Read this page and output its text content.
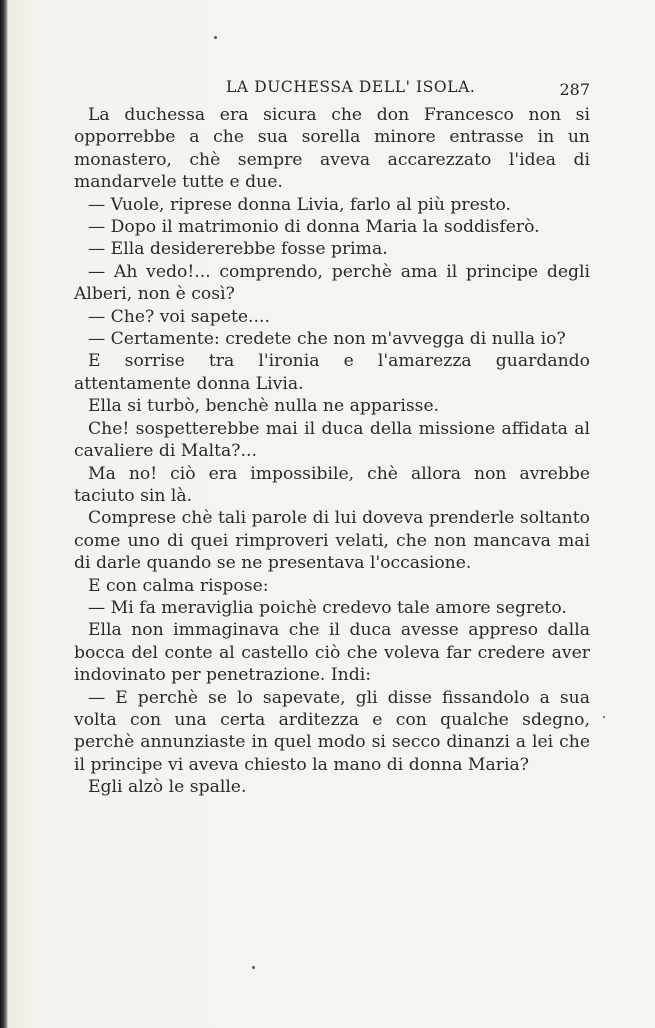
LA DUCHESSA DELL' ISOLA.	287

La duchessa era sicura che don Francesco non si opporrebbe a che sua sorella minore entrasse in un monastero, chè sempre aveva accarezzato l'idea di mandarvele tutte e due.

— Vuole, riprese donna Livia, farlo al più presto.

— Dopo il matrimonio di donna Maria la soddisferò.

— Ella desidererebbe fosse prima.

— Ah vedo!... comprendo, perchè ama il principe degli Alberi, non è così?

— Che? voi sapete....

— Certamente: credete che non m'avvegga di nulla io?

E sorrise tra l'ironia e l'amarezza guardando attentamente donna Livia.

Ella si turbò, benchè nulla ne apparisse.

Che! sospetterebbe mai il duca della missione affidata al cavaliere di Malta?...

Ma no! ciò era impossibile, chè allora non avrebbe taciuto sin là.

Comprese chè tali parole di lui doveva prenderle soltanto come uno di quei rimproveri velati, che non mancava mai di darle quando se ne presentava l'occasione.

E con calma rispose:

— Mi fa meraviglia poichè credevo tale amore segreto.

Ella non immaginava che il duca avesse appreso dalla bocca del conte al castello ciò che voleva far credere aver indovinato per penetrazione. Indi:

— E perchè se lo sapevate, gli disse fissandolo a sua volta con una certa arditezza e con qualche sdegno, perchè annunziaste in quel modo si secco dinanzi a lei che il principe vi aveva chiesto la mano di donna Maria?

Egli alzò le spalle.
